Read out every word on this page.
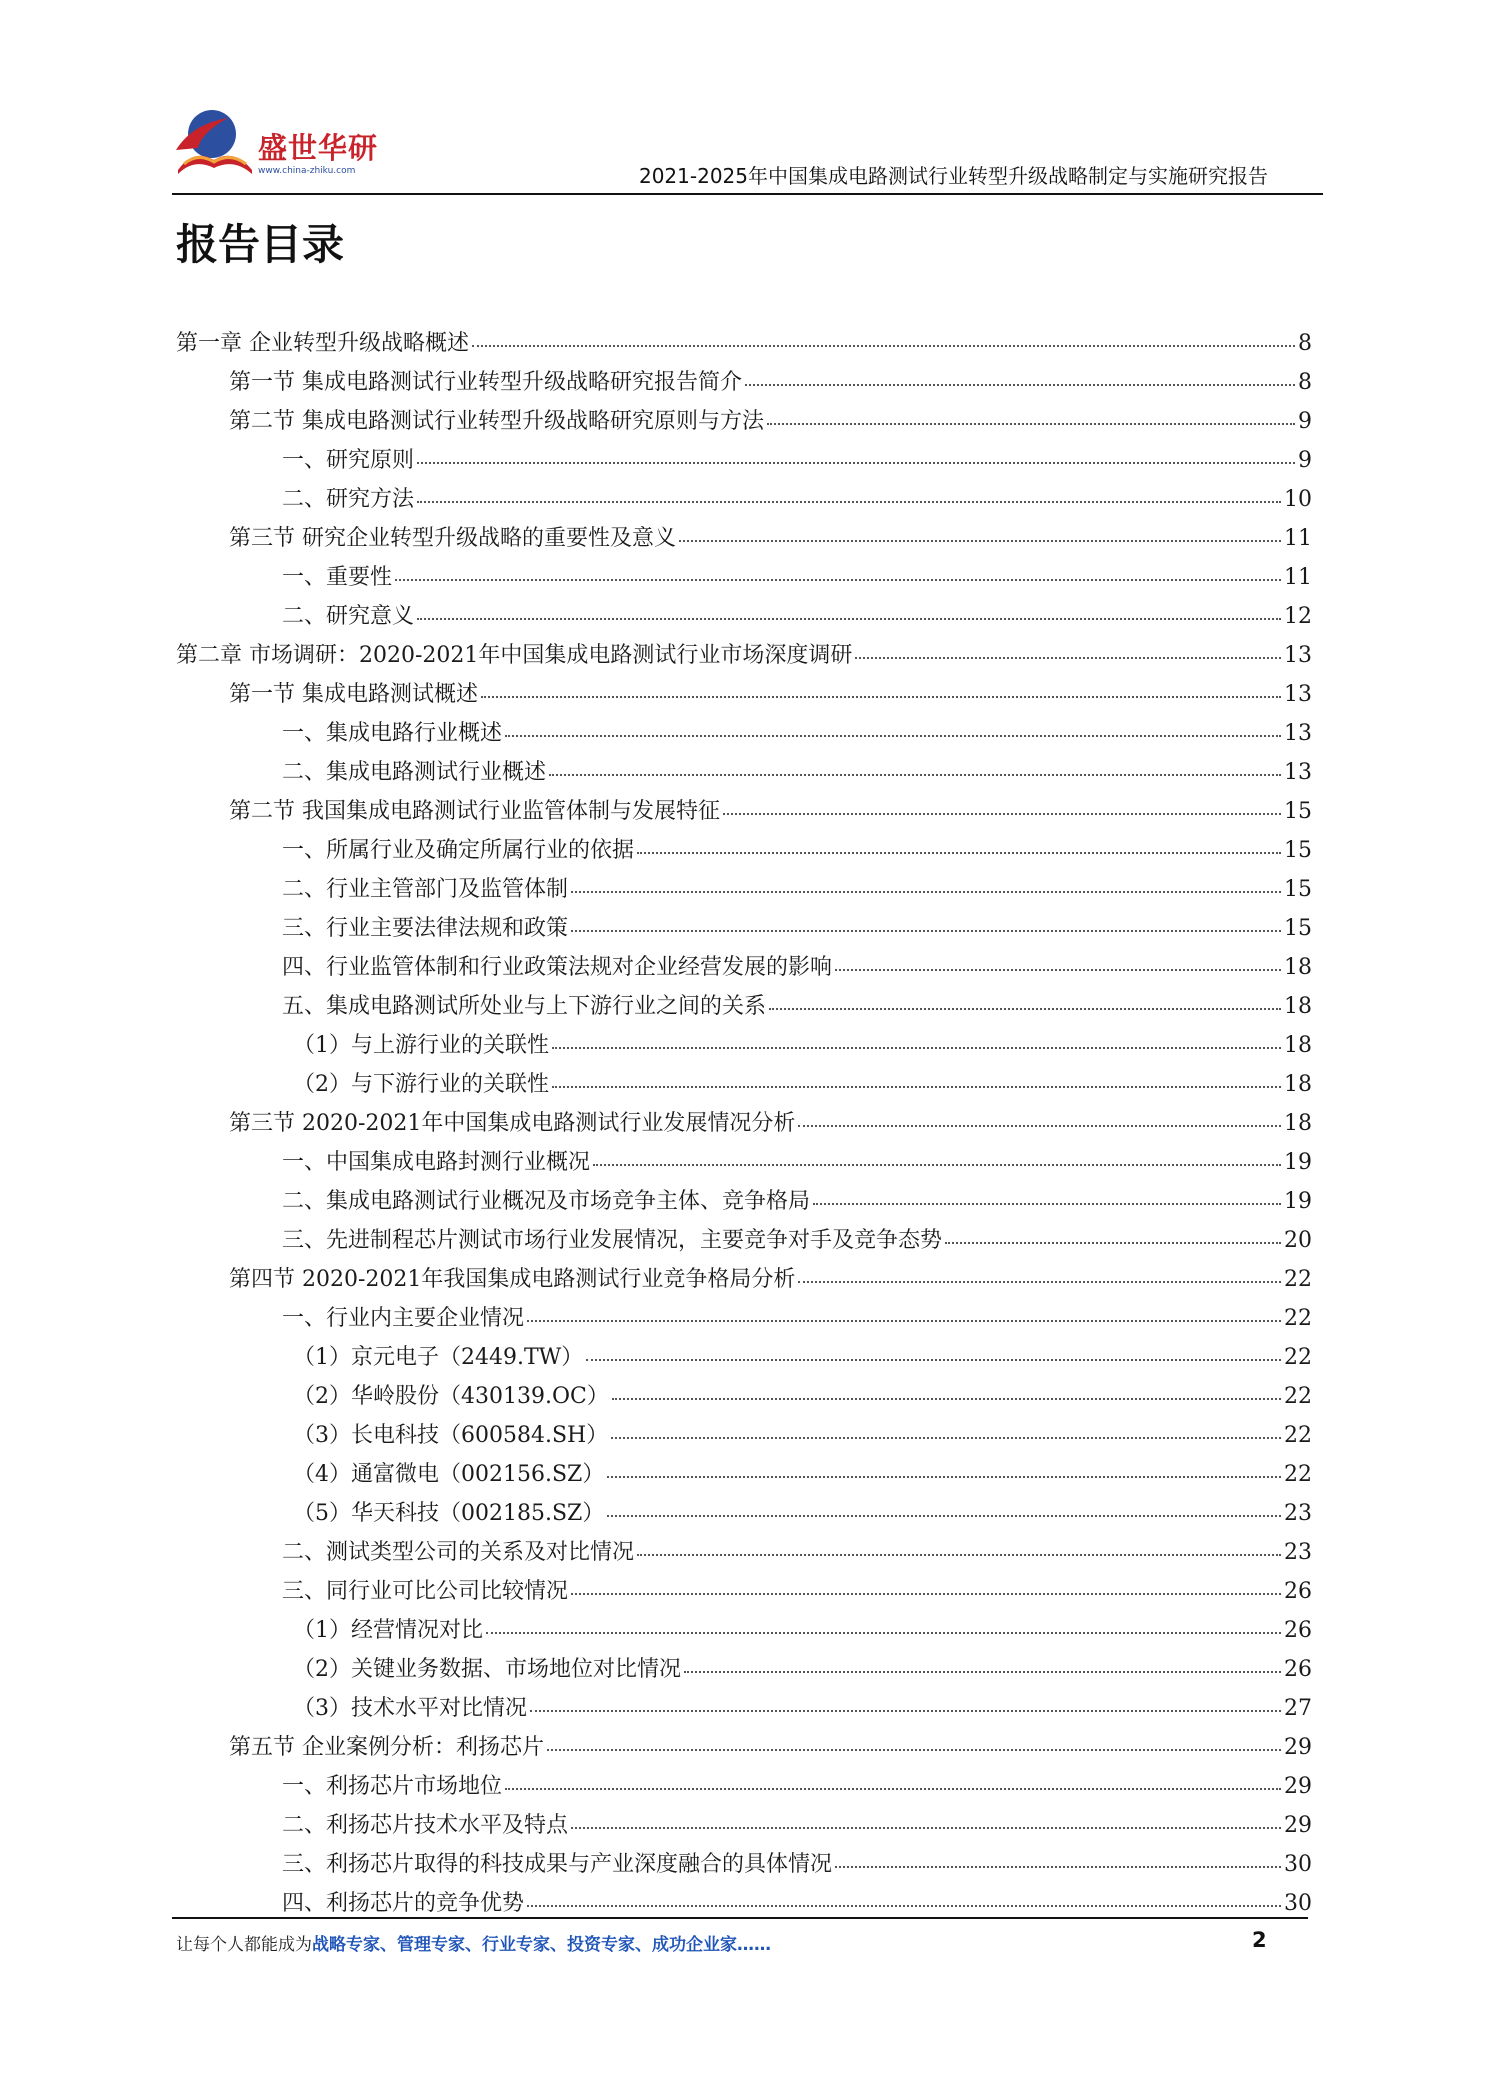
盛世华研
www.china-zhiku.com	2021-2025年中国集成电路测试行业转型升级战略制定与实施研究报告
报告目录
第一章 企业转型升级战略概述	8
第一节 集成电路测试行业转型升级战略研究报告简介	8
第二节 集成电路测试行业转型升级战略研究原则与方法	9
一、研究原则	9
二、研究方法	10
第三节 研究企业转型升级战略的重要性及意义	11
一、重要性	11
二、研究意义	12
第二章 市场调研：2020-2021年中国集成电路测试行业市场深度调研	13
第一节 集成电路测试概述	13
一、集成电路行业概述	13
二、集成电路测试行业概述	13
第二节 我国集成电路测试行业监管体制与发展特征	15
一、所属行业及确定所属行业的依据	15
二、行业主管部门及监管体制	15
三、行业主要法律法规和政策	15
四、行业监管体制和行业政策法规对企业经营发展的影响	18
五、集成电路测试所处业与上下游行业之间的关系	18
（1）与上游行业的关联性	18
（2）与下游行业的关联性	18
第三节 2020-2021年中国集成电路测试行业发展情况分析	18
一、中国集成电路封测行业概况	19
二、集成电路测试行业概况及市场竞争主体、竞争格局	19
三、先进制程芯片测试市场行业发展情况，主要竞争对手及竞争态势	20
第四节 2020-2021年我国集成电路测试行业竞争格局分析	22
一、行业内主要企业情况	22
（1）京元电子（2449.TW）	22
（2）华岭股份（430139.OC）	22
（3）长电科技（600584.SH）	22
（4）通富微电（002156.SZ）	22
（5）华天科技（002185.SZ）	23
二、测试类型公司的关系及对比情况	23
三、同行业可比公司比较情况	26
（1）经营情况对比	26
（2）关键业务数据、市场地位对比情况	26
（3）技术水平对比情况	27
第五节 企业案例分析：利扬芯片	29
一、利扬芯片市场地位	29
二、利扬芯片技术水平及特点	29
三、利扬芯片取得的科技成果与产业深度融合的具体情况	30
四、利扬芯片的竞争优势	30
让每个人都能成为战略专家、管理专家、行业专家、投资专家、成功企业家……	2
